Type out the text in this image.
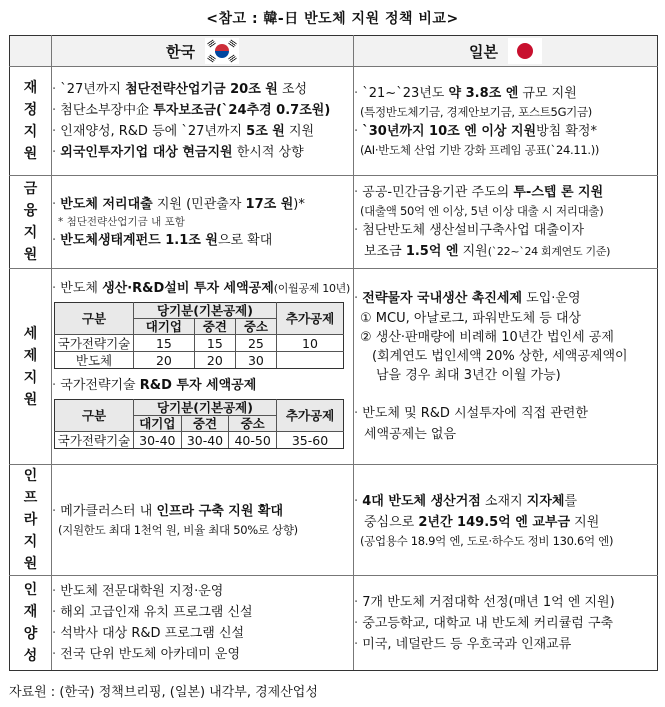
<참고 : 韓-日 반도체 지원 정책 비교>

한국	일본

재
정
지
원

· `27년까지 첨단전략산업기금 20조 원 조성
· 첨단소부장中企 투자보조금(`24추경 0.7조원)
· 인재양성, R&D 등에 `27년까지 5조 원 지원
· 외국인투자기업 대상 현금지원 한시적 상향

· `21~`23년도 약 3.8조 엔 규모 지원
(특정반도체기금, 경제안보기금, 포스트5G기금)
· `30년까지 10조 엔 이상 지원방침 확정*
(AI·반도체 산업 기반 강화 프레임 공표(`24.11.))

금
융
지
원

· 반도체 저리대출 지원 (민관출자 17조 원)*
* 첨단전략산업기금 내 포함
· 반도체생태계펀드 1.1조 원으로 확대

· 공공-민간금융기관 주도의 투-스텝 론 지원
(대출액 50억 엔 이상, 5년 이상 대출 시 저리대출)
· 첨단반도체 생산설비구축사업 대출이자
보조금 1.5억 엔 지원(`22~`24 회계연도 기준)

세
제
지
원

· 반도체 생산·R&D설비 투자 세액공제(이월공제 10년)
구분	당기분(기본공제)	추가공제
대기업	중견	중소
국가전략기술	15	15	25	10
반도체	20	20	30	
· 국가전략기술 R&D 투자 세액공제
구분	당기분(기본공제)	추가공제
대기업	중견	중소
국가전략기술	30-40	30-40	40-50	35-60

· 전략물자 국내생산 촉진세제 도입·운영
① MCU, 아날로그, 파워반도체 등 대상
② 생산·판매량에 비례해 10년간 법인세 공제
(회계연도 법인세액 20% 상한, 세액공제액이
남을 경우 최대 3년간 이월 가능)
· 반도체 및 R&D 시설투자에 직접 관련한
세액공제는 없음

인
프
라
지
원

· 메가클러스터 내 인프라 구축 지원 확대
(지원한도 최대 1천억 원, 비율 최대 50%로 상향)

· 4대 반도체 생산거점 소재지 지자체를
중심으로 2년간 149.5억 엔 교부금 지원
(공업용수 18.9억 엔, 도로·하수도 정비 130.6억 엔)

인
재
양
성

· 반도체 전문대학원 지정·운영
· 해외 고급인재 유치 프로그램 신설
· 석박사 대상 R&D 프로그램 신설
· 전국 단위 반도체 아카데미 운영

· 7개 반도체 거점대학 선정(매년 1억 엔 지원)
· 중고등학교, 대학교 내 반도체 커리큘럼 구축
· 미국, 네덜란드 등 우호국과 인재교류
자료원 : (한국) 정책브리핑, (일본) 내각부, 경제산업성
